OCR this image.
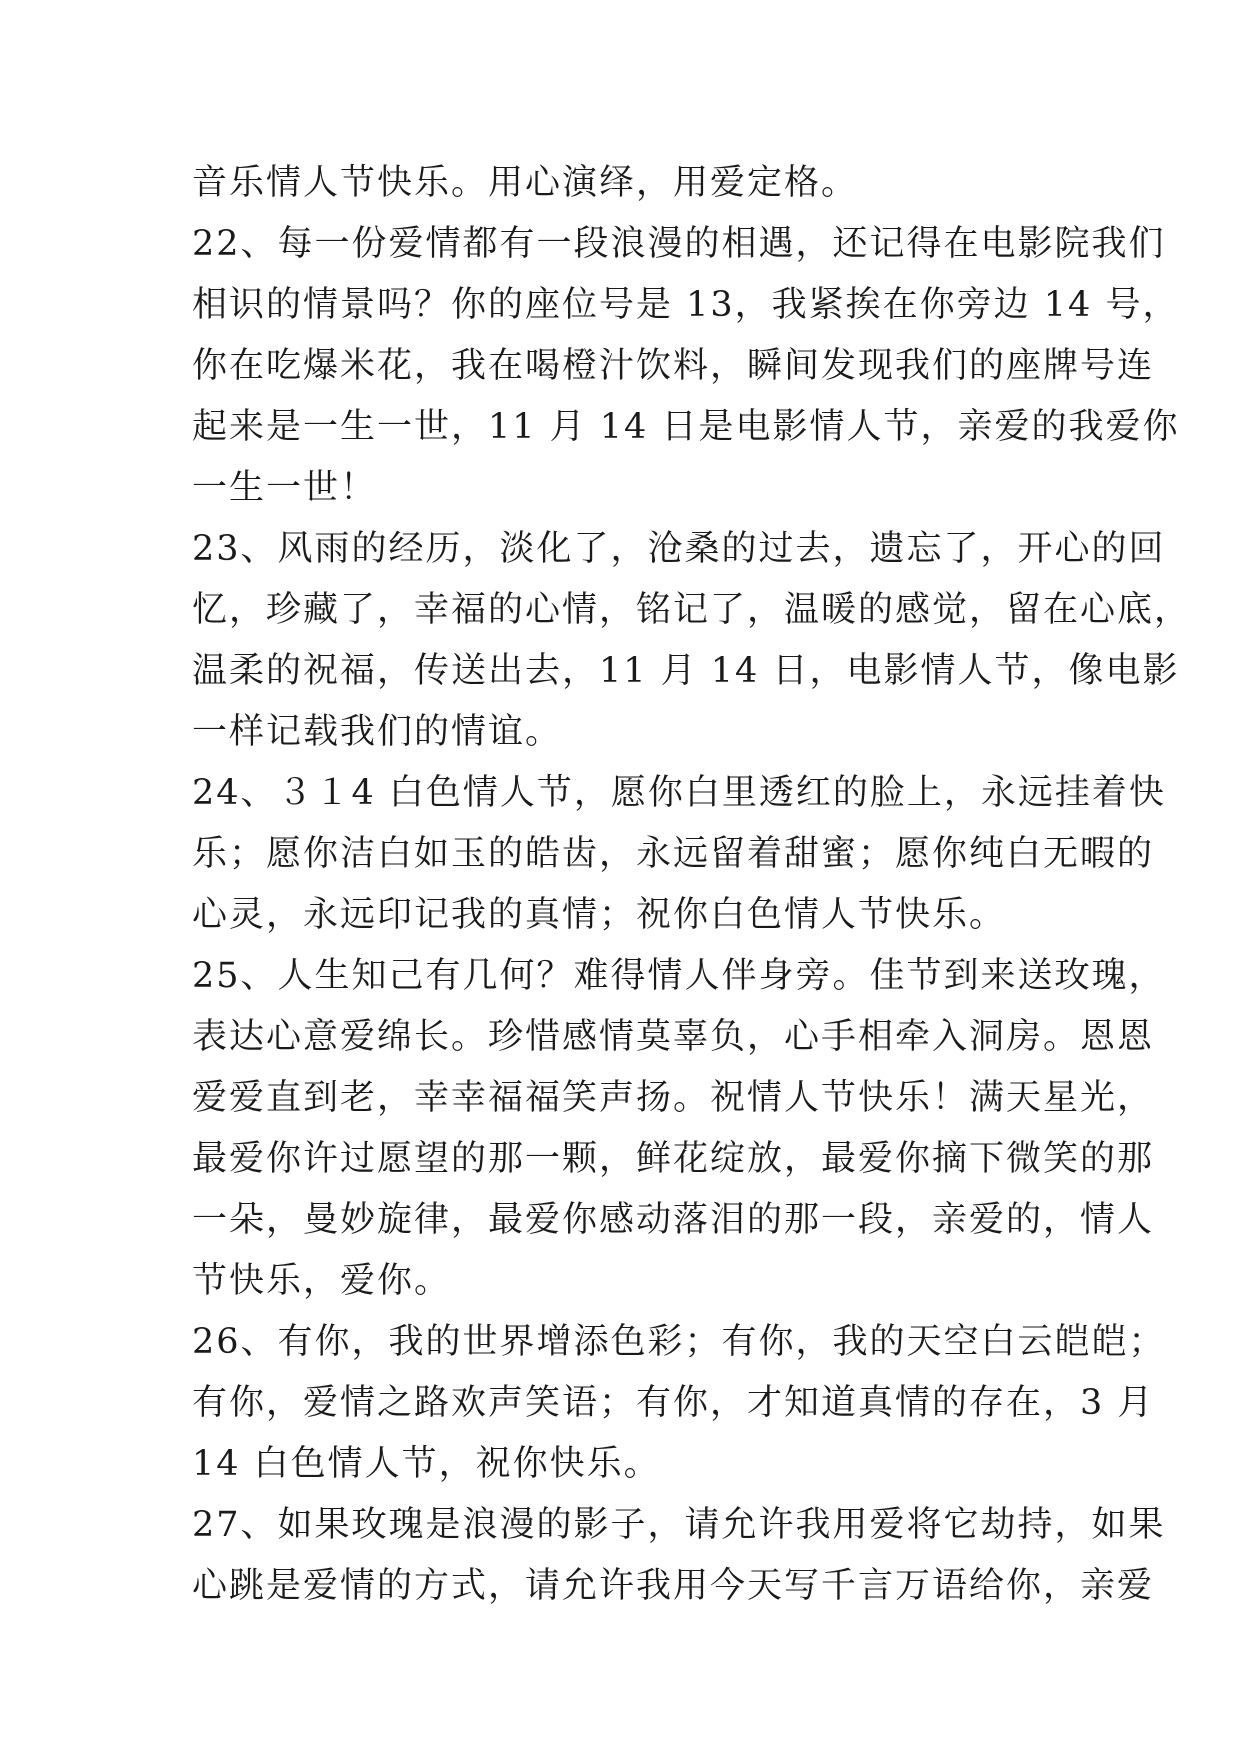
音乐情人节快乐。用心演绎，用爱定格。
22、每一份爱情都有一段浪漫的相遇，还记得在电影院我们
相识的情景吗？你的座位号是 13，我紧挨在你旁边 14 号，
你在吃爆米花，我在喝橙汁饮料，瞬间发现我们的座牌号连
起来是一生一世，11 月 14 日是电影情人节，亲爱的我爱你
一生一世！
23、风雨的经历，淡化了，沧桑的过去，遗忘了，开心的回
忆，珍藏了，幸福的心情，铭记了，温暖的感觉，留在心底，
温柔的祝福，传送出去，11 月 14 日，电影情人节，像电影
一样记载我们的情谊。
24、３１4 白色情人节，愿你白里透红的脸上，永远挂着快
乐；愿你洁白如玉的皓齿，永远留着甜蜜；愿你纯白无暇的
心灵，永远印记我的真情；祝你白色情人节快乐。
25、人生知己有几何？难得情人伴身旁。佳节到来送玫瑰，
表达心意爱绵长。珍惜感情莫辜负，心手相牵入洞房。恩恩
爱爱直到老，幸幸福福笑声扬。祝情人节快乐！满天星光，
最爱你许过愿望的那一颗，鲜花绽放，最爱你摘下微笑的那
一朵，曼妙旋律，最爱你感动落泪的那一段，亲爱的，情人
节快乐，爱你。
26、有你，我的世界增添色彩；有你，我的天空白云皑皑；
有你，爱情之路欢声笑语；有你，才知道真情的存在，3 月
14 白色情人节，祝你快乐。
27、如果玫瑰是浪漫的影子，请允许我用爱将它劫持，如果
心跳是爱情的方式，请允许我用今天写千言万语给你，亲爱
